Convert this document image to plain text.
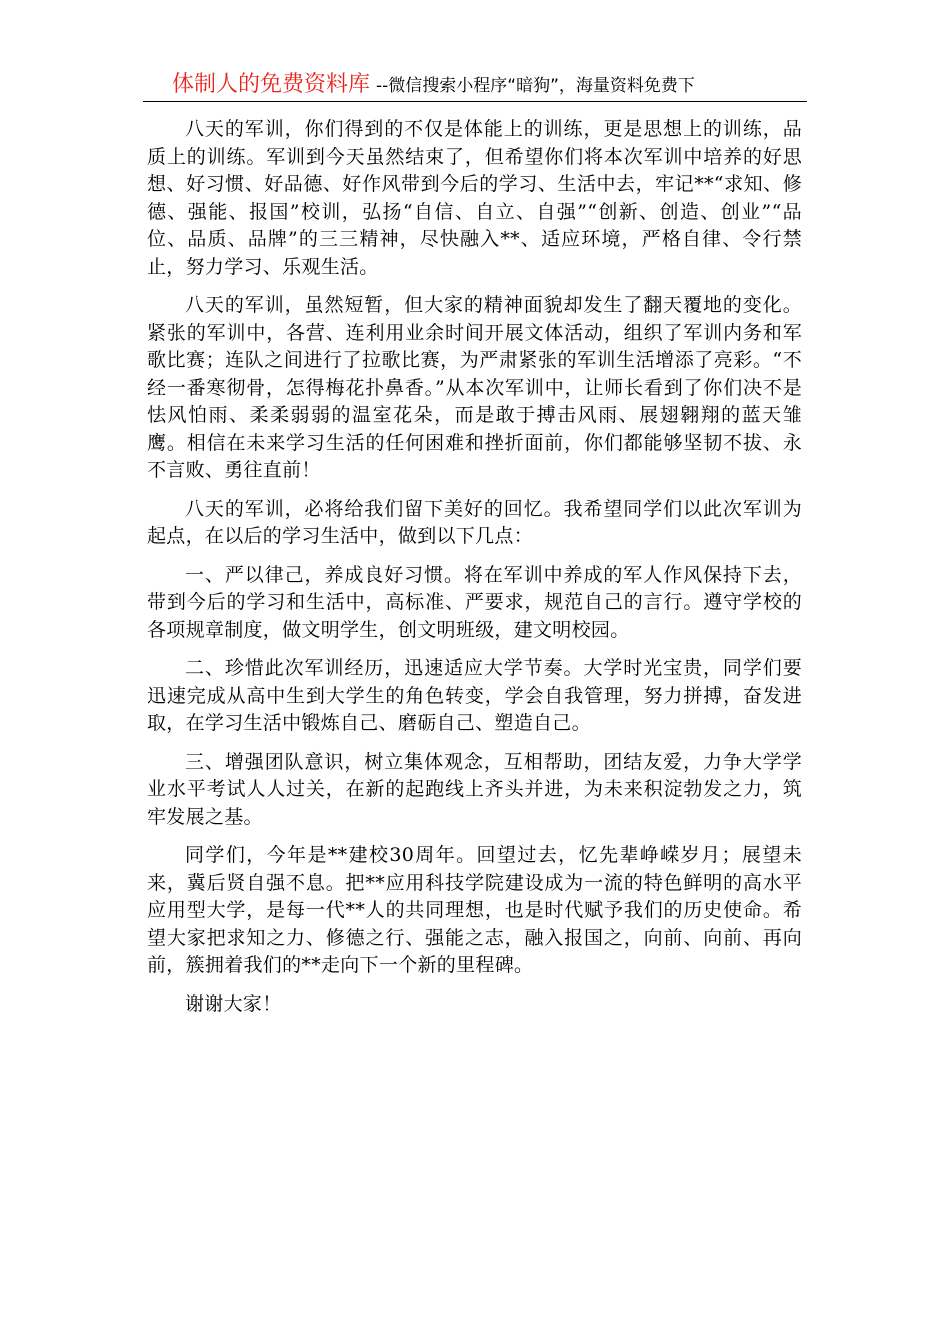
体制人的免费资料库 --微信搜索小程序“暗狗”，海量资料免费下

八天的军训，你们得到的不仅是体能上的训练，更是思想上的训练，品质上的训练。军训到今天虽然结束了，但希望你们将本次军训中培养的好思想、好习惯、好品德、好作风带到今后的学习、生活中去，牢记**“求知、修德、强能、报国”校训，弘扬“自信、自立、自强”“创新、创造、创业”“品位、品质、品牌”的三三精神，尽快融入**、适应环境，严格自律、令行禁止，努力学习、乐观生活。

八天的军训，虽然短暂，但大家的精神面貌却发生了翻天覆地的变化。紧张的军训中，各营、连利用业余时间开展文体活动，组织了军训内务和军歌比赛；连队之间进行了拉歌比赛，为严肃紧张的军训生活增添了亮彩。“不经一番寒彻骨，怎得梅花扑鼻香。”从本次军训中，让师长看到了你们决不是怯风怕雨、柔柔弱弱的温室花朵，而是敢于搏击风雨、展翅翱翔的蓝天雏鹰。相信在未来学习生活的任何困难和挫折面前，你们都能够坚韧不拔、永不言败、勇往直前！

八天的军训，必将给我们留下美好的回忆。我希望同学们以此次军训为起点，在以后的学习生活中，做到以下几点：

一、严以律己，养成良好习惯。将在军训中养成的军人作风保持下去，带到今后的学习和生活中，高标准、严要求，规范自己的言行。遵守学校的各项规章制度，做文明学生，创文明班级，建文明校园。

二、珍惜此次军训经历，迅速适应大学节奏。大学时光宝贵，同学们要迅速完成从高中生到大学生的角色转变，学会自我管理，努力拼搏，奋发进取，在学习生活中锻炼自己、磨砺自己、塑造自己。

三、增强团队意识，树立集体观念，互相帮助，团结友爱，力争大学学业水平考试人人过关，在新的起跑线上齐头并进，为未来积淀勃发之力，筑牢发展之基。

同学们，今年是**建校30周年。回望过去，忆先辈峥嵘岁月；展望未来，冀后贤自强不息。把**应用科技学院建设成为一流的特色鲜明的高水平应用型大学，是每一代**人的共同理想，也是时代赋予我们的历史使命。希望大家把求知之力、修德之行、强能之志，融入报国之，向前、向前、再向前，簇拥着我们的**走向下一个新的里程碑。

谢谢大家！
